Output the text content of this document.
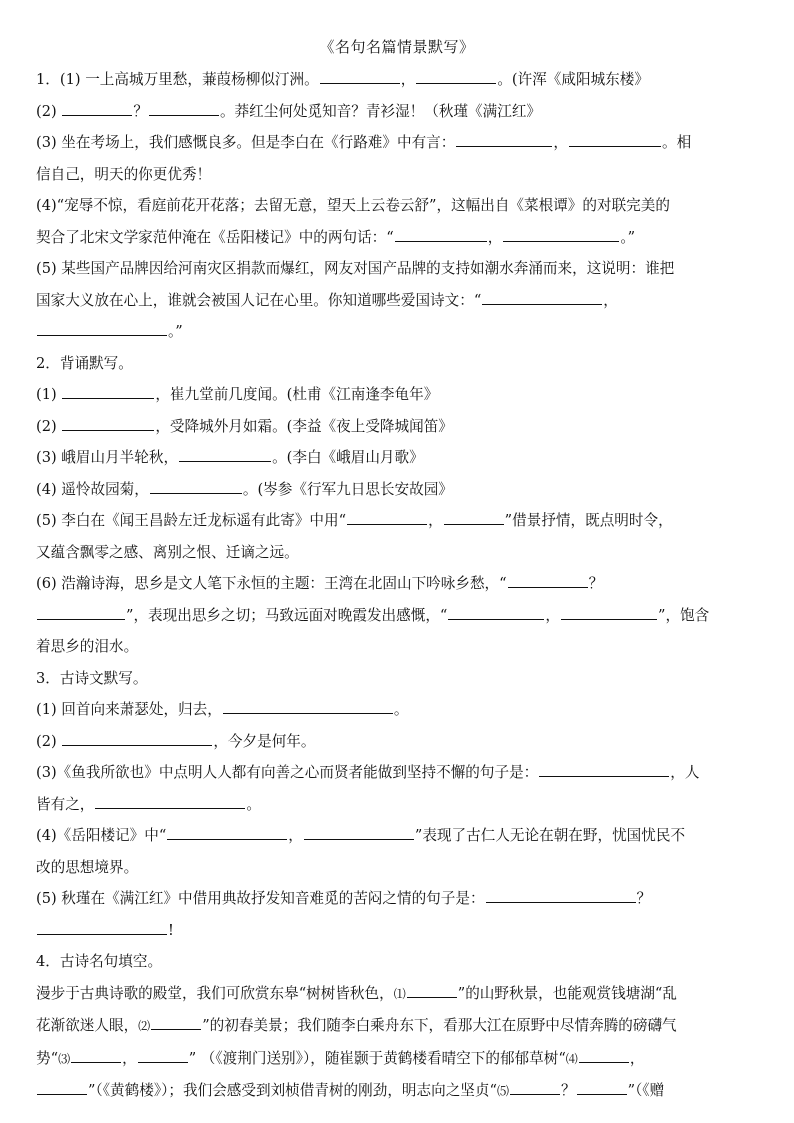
《名句名篇情景默写》
1．(1) 一上高城万里愁，蒹葭杨柳似汀洲。	，	。(许浑《咸阳城东楼》
(2)	？	。莽红尘何处觅知音？青衫湿！（秋瑾《满江红》
(3) 坐在考场上，我们感慨良多。但是李白在《行路难》中有言：	，	。相
信自己，明天的你更优秀！
(4)“宠辱不惊，看庭前花开花落；去留无意，望天上云卷云舒”，这幅出自《菜根谭》的对联完美的
契合了北宋文学家范仲淹在《岳阳楼记》中的两句话：“	，	。”
(5) 某些国产品牌因给河南灾区捐款而爆红，网友对国产品牌的支持如潮水奔涌而来，这说明：谁把
国家大义放在心上，谁就会被国人记在心里。你知道哪些爱国诗文：“	，
。”
2．背诵默写。
(1)	，崔九堂前几度闻。(杜甫《江南逢李龟年》
(2)	，受降城外月如霜。(李益《夜上受降城闻笛》
(3) 峨眉山月半轮秋，	。(李白《峨眉山月歌》
(4) 遥怜故园菊，	。(岑参《行军九日思长安故园》
(5) 李白在《闻王昌龄左迁龙标遥有此寄》中用“	，	”借景抒情，既点明时令，
又蕴含飘零之感、离别之恨、迁谪之远。
(6) 浩瀚诗海，思乡是文人笔下永恒的主题：王湾在北固山下吟咏乡愁，“	？
”，表现出思乡之切；马致远面对晚霞发出感慨，“	，	”，饱含
着思乡的泪水。
3．古诗文默写。
(1) 回首向来萧瑟处，归去，	。
(2)	，今夕是何年。
(3)《鱼我所欲也》中点明人人都有向善之心而贤者能做到坚持不懈的句子是：	，人
皆有之，	。
(4)《岳阳楼记》中“	，	”表现了古仁人无论在朝在野，忧国忧民不
改的思想境界。
(5) 秋瑾在《满江红》中借用典故抒发知音难觅的苦闷之情的句子是：	？
!
4．古诗名句填空。
漫步于古典诗歌的殿堂，我们可欣赏东皋“树树皆秋色，⑴	”的山野秋景，也能观赏钱塘湖“乱
花渐欲迷人眼，⑵	”的初春美景；我们随李白乘舟东下，看那大江在原野中尽情奔腾的磅礴气
势“⑶	，	” （《渡荆门送别》），随崔颢于黄鹤楼看晴空下的郁郁草树“⑷	，
”（《黄鹤楼》）；我们会感受到刘桢借青树的刚劲，明志向之坚贞“⑸	？	”（《赠
